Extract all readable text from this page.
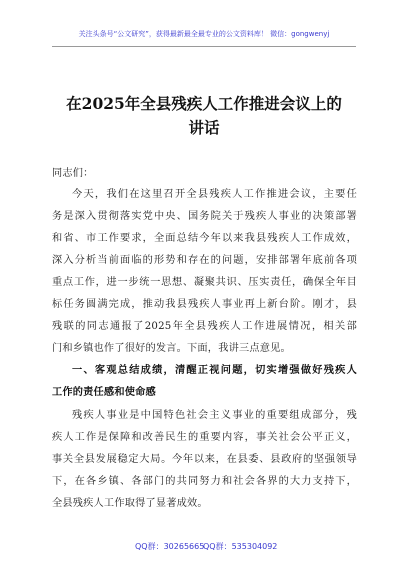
关注头条号“公文研究”，获得最新最全最专业的公文资料库！ 微信：gongwenyj
在2025年全县残疾人工作推进会议上的
讲话
同志们：
今天，我们在这里召开全县残疾人工作推进会议，主要任
务是深入贯彻落实党中央、国务院关于残疾人事业的决策部署
和省、市工作要求，全面总结今年以来我县残疾人工作成效，
深入分析当前面临的形势和存在的问题，安排部署年底前各项
重点工作，进一步统一思想、凝聚共识、压实责任，确保全年目
标任务圆满完成，推动我县残疾人事业再上新台阶。刚才，县
残联的同志通报了2025年全县残疾人工作进展情况，相关部
门和乡镇也作了很好的发言。下面，我讲三点意见。
一、客观总结成绩，清醒正视问题，切实增强做好残疾人
工作的责任感和使命感
残疾人事业是中国特色社会主义事业的重要组成部分，残
疾人工作是保障和改善民生的重要内容，事关社会公平正义，
事关全县发展稳定大局。今年以来，在县委、县政府的坚强领导
下，在各乡镇、各部门的共同努力和社会各界的大力支持下，
全县残疾人工作取得了显著成效。
QQ群：30265665
QQ群：535304092
